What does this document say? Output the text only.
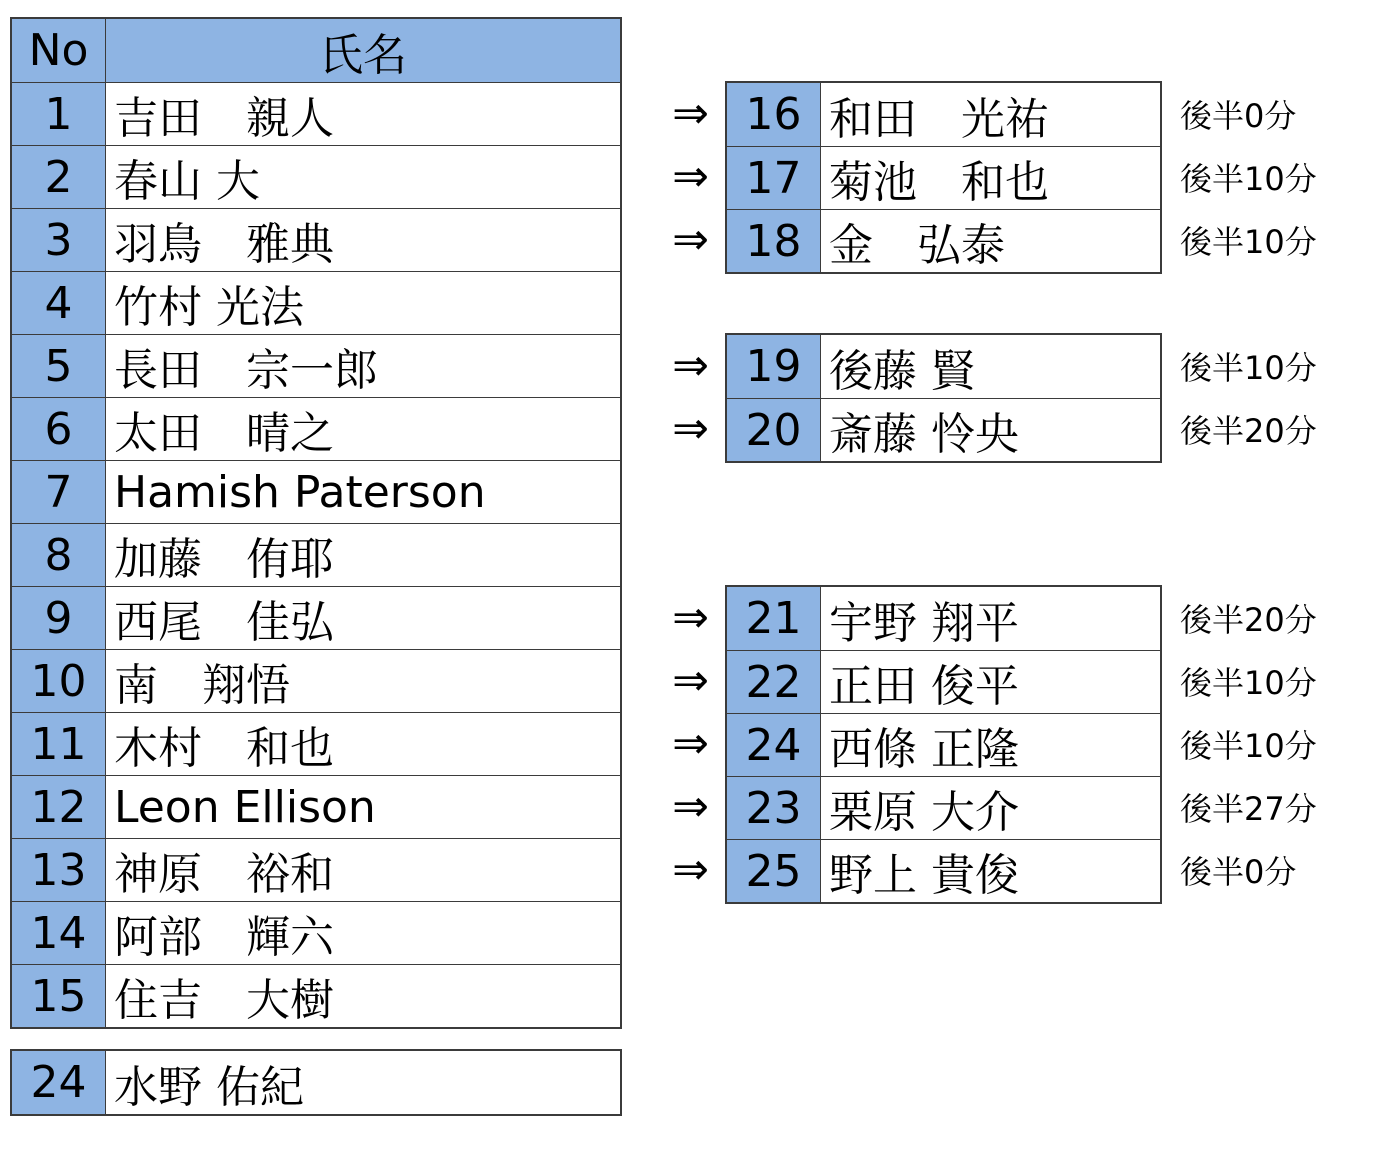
No	氏名
1 吉田　親人
2 春山 大
3 羽鳥　雅典
4 竹村 光法
5 長田　宗一郎
6 太田　晴之
7 Hamish Paterson
8 加藤　侑耶
9 西尾　佳弘
10 南　翔悟
11 木村　和也
12 Leon Ellison
13 神原　裕和
14 阿部　輝六
15 住吉　大樹
24 水野 佑紀
16 和田　光祐
17 菊池　和也
18 金　弘泰
19 後藤 賢
20 斎藤 怜央
21 宇野 翔平
22 正田 俊平
24 西條 正隆
23 栗原 大介
25 野上 貴俊
⇒
⇒
⇒
⇒
⇒
⇒
⇒
⇒
⇒
⇒
後半0分
後半10分
後半10分
後半10分
後半20分
後半20分
後半10分
後半10分
後半27分
後半0分
